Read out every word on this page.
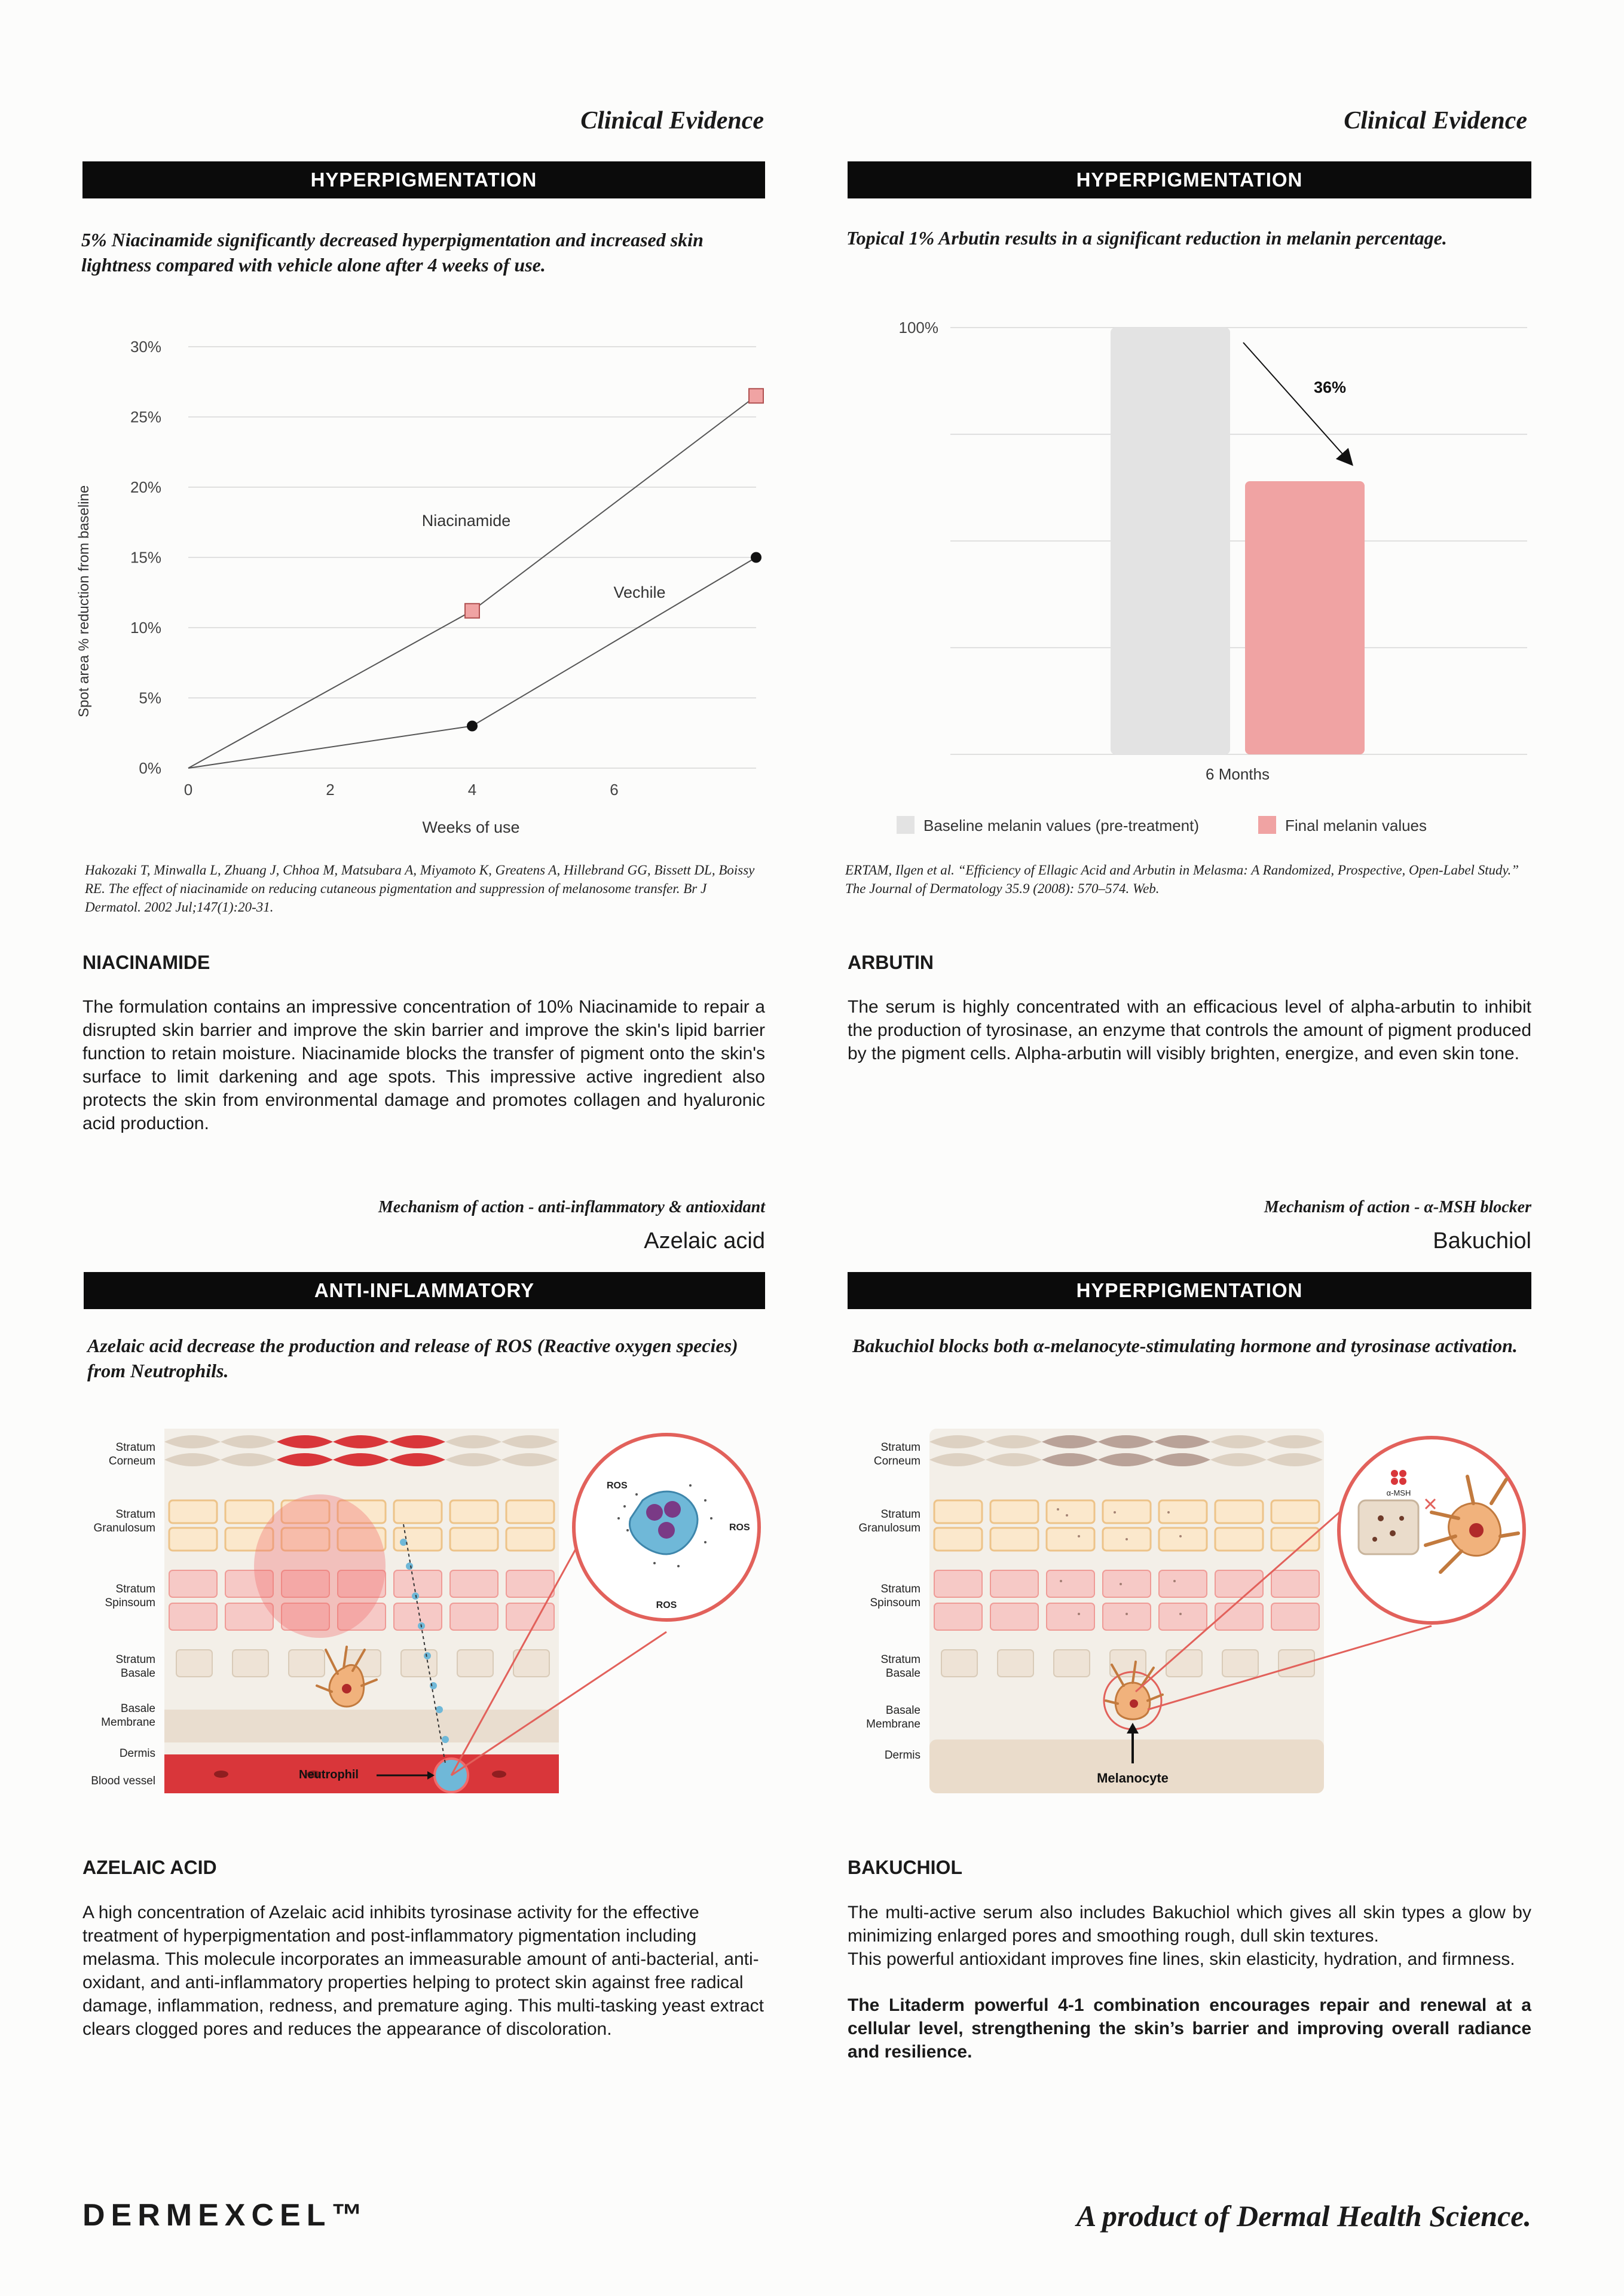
Clinical Evidence
HYPERPIGMENTATION
5% Niacinamide significantly decreased hyperpigmentation and increased skin lightness compared with vehicle alone after 4 weeks of use.
0%
5%
10%
15%
20%
25%
30%
0	2	4	6
Spot area % reduction from baseline
Weeks of use
Niacinamide
Vechile
Hakozaki T, Minwalla L, Zhuang J, Chhoa M, Matsubara A, Miyamoto K, Greatens A, Hillebrand GG, Bissett DL, Boissy RE. The effect of niacinamide on reducing cutaneous pigmentation and suppression of melanosome transfer. Br J Dermatol. 2002 Jul;147(1):20-31.
NIACINAMIDE
The formulation contains an impressive concentration of 10% Niacinamide to repair a disrupted skin barrier and improve the skin barrier and improve the skin's lipid barrier function to retain moisture. Niacinamide blocks the transfer of pigment onto the skin's surface to limit darkening and age spots. This impressive active ingredient also protects the skin from environmental damage and promotes collagen and hyaluronic acid production.
Clinical Evidence
HYPERPIGMENTATION
Topical 1% Arbutin results in a significant reduction in melanin percentage.
100%
6 Months
36%
Baseline melanin values (pre-treatment)	Final melanin values
ERTAM, Ilgen et al. “Efficiency of Ellagic Acid and Arbutin in Melasma: A Randomized, Prospective, Open-Label Study.” The Journal of Dermatology 35.9 (2008): 570–574. Web.
ARBUTIN
The serum is highly concentrated with an efficacious level of alpha-arbutin to inhibit the production of tyrosinase, an enzyme that controls the amount of pigment produced by the pigment cells. Alpha-arbutin will visibly brighten, energize, and even skin tone.
Mechanism of action - anti-inflammatory & antioxidant
Azelaic acid
ANTI-INFLAMMATORY
Azelaic acid decrease the production and release of ROS (Reactive oxygen species) from Neutrophils.
Stratum Corneum
Stratum Granulosum
Stratum Spinsoum
Stratum Basale
Basale Membrane
Dermis
Blood vessel
ROS
ROS
ROS
Neutrophil
AZELAIC ACID
A high concentration of Azelaic acid inhibits tyrosinase activity for the effective treatment of hyperpigmentation and post-inflammatory pigmentation including melasma. This molecule incorporates an immeasurable amount of anti-bacterial, anti-oxidant, and anti-inflammatory properties helping to protect skin against free radical damage, inflammation, redness, and premature aging. This multi-tasking yeast extract clears clogged pores and reduces the appearance of discoloration.
Mechanism of action - α-MSH blocker
Bakuchiol
HYPERPIGMENTATION
Bakuchiol blocks both α-melanocyte-stimulating hormone and tyrosinase activation.
Stratum Corneum
Stratum Granulosum
Stratum Spinsoum
Stratum Basale
Basale Membrane
Dermis
Melanocyte
α-MSH
BAKUCHIOL
The multi-active serum also includes Bakuchiol which gives all skin types a glow by minimizing enlarged pores and smoothing rough, dull skin textures.
This powerful antioxidant improves fine lines, skin elasticity, hydration, and firmness.
The Litaderm powerful 4-1 combination encourages repair and renewal at a cellular level, strengthening the skin’s barrier and improving overall radiance and resilience.
DERMEXCEL™	A product of Dermal Health Science.
